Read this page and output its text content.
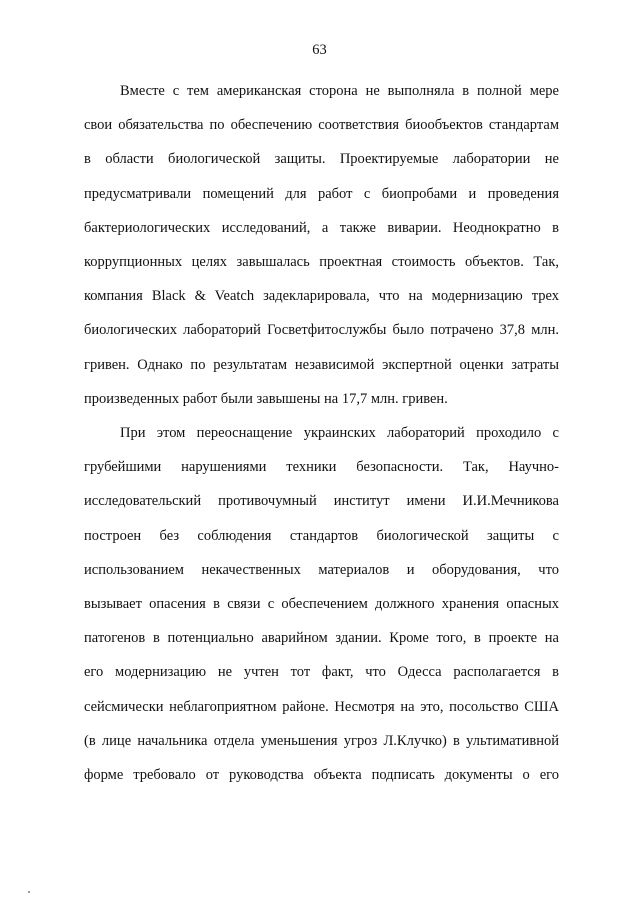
63
Вместе с тем американская сторона не выполняла в полной мере
свои обязательства по обеспечению соответствия биообъектов стандартам
в области биологической защиты. Проектируемые лаборатории не
предусматривали помещений для работ с биопробами и проведения
бактериологических исследований, а также виварии. Неоднократно в
коррупционных целях завышалась проектная стоимость объектов. Так,
компания Black & Veatch задекларировала, что на модернизацию трех
биологических лабораторий Госветфитослужбы было потрачено 37,8 млн.
гривен. Однако по результатам независимой экспертной оценки затраты
произведенных работ были завышены на 17,7 млн. гривен.
При этом переоснащение украинских лабораторий проходило с
грубейшими нарушениями техники безопасности. Так, Научно-
исследовательский противочумный институт имени И.И.Мечникова
построен без соблюдения стандартов биологической защиты с
использованием некачественных материалов и оборудования, что
вызывает опасения в связи с обеспечением должного хранения опасных
патогенов в потенциально аварийном здании. Кроме того, в проекте на
его модернизацию не учтен тот факт, что Одесса располагается в
сейсмически неблагоприятном районе. Несмотря на это, посольство США
(в лице начальника отдела уменьшения угроз Л.Клучко) в ультимативной
форме требовало от руководства объекта подписать документы о его
